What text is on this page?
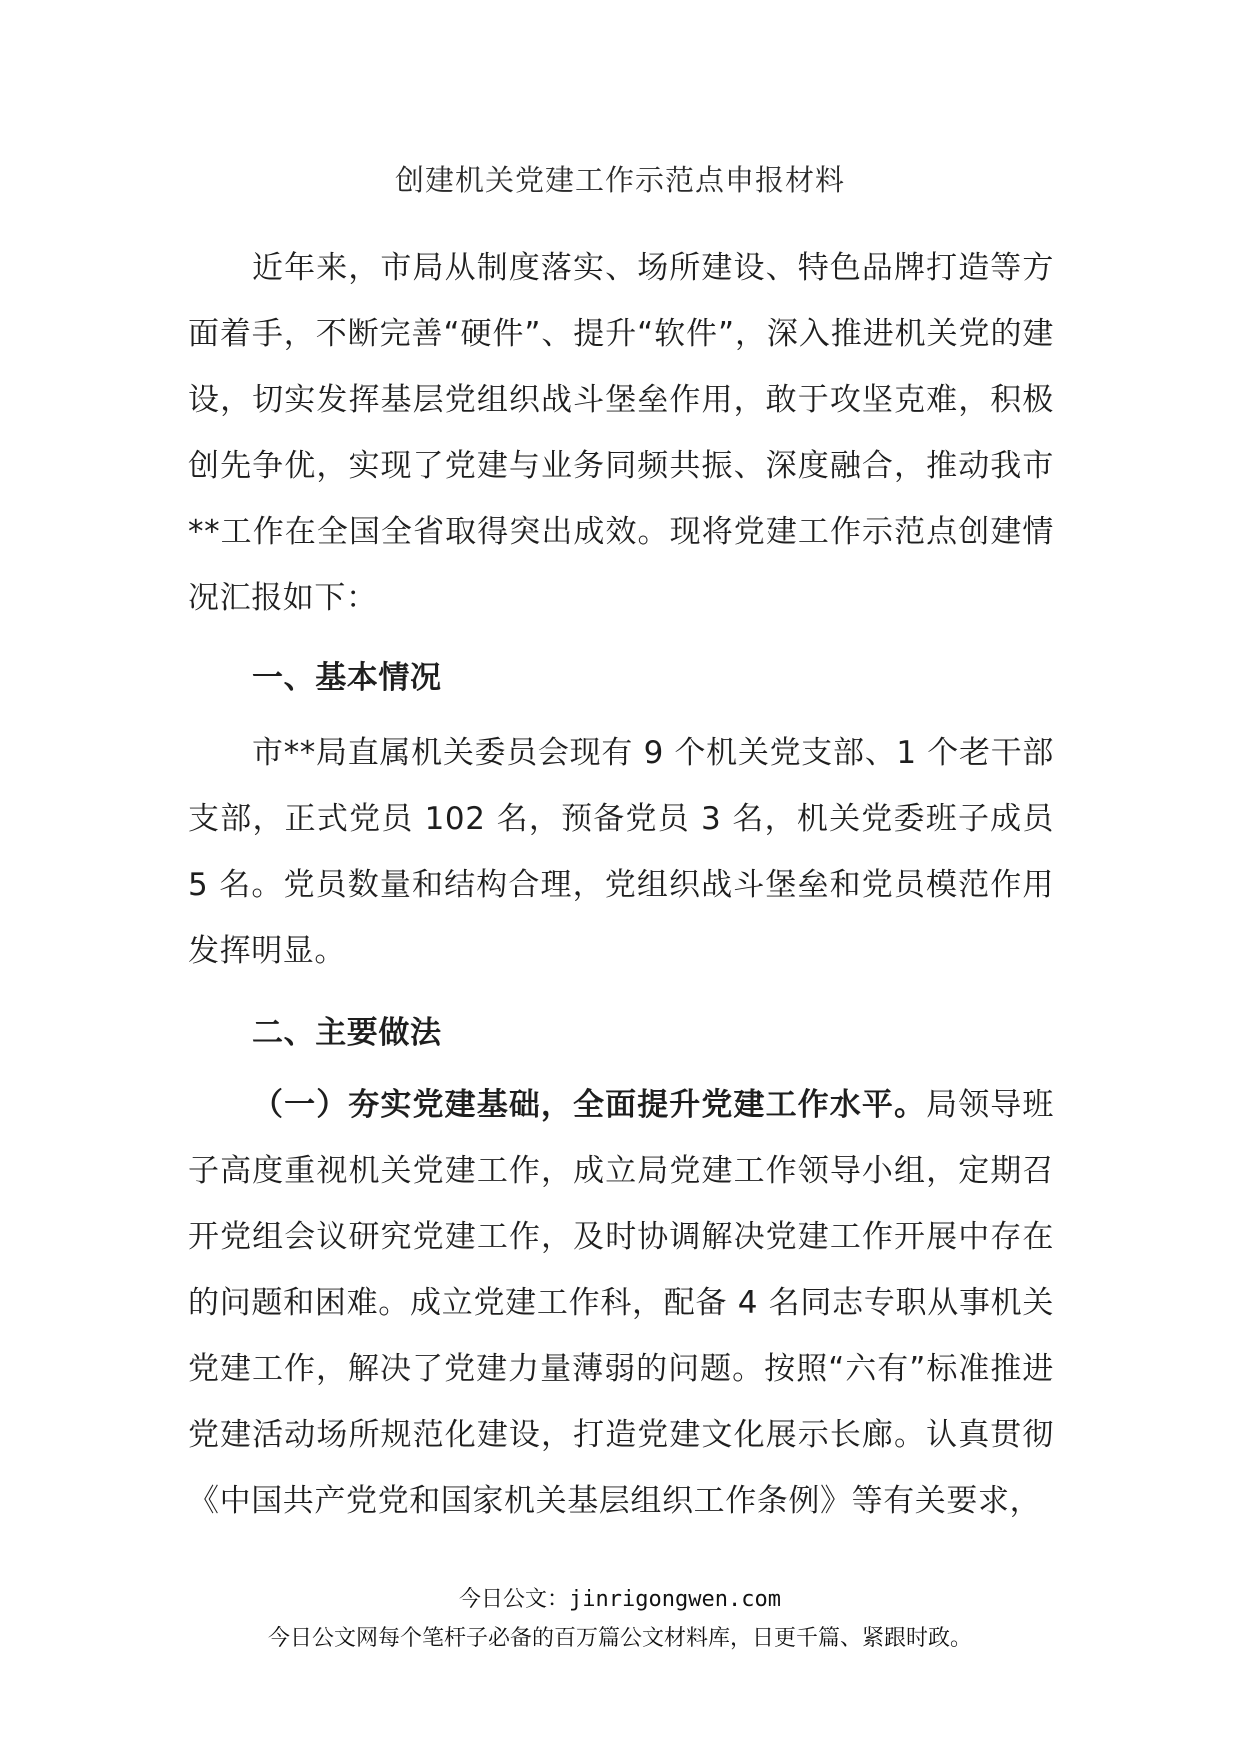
创建机关党建工作示范点申报材料
近年来，市局从制度落实、场所建设、特色品牌打造等方面着手，不断完善“硬件”、提升“软件”，深入推进机关党的建设，切实发挥基层党组织战斗堡垒作用，敢于攻坚克难，积极创先争优，实现了党建与业务同频共振、深度融合，推动我市**工作在全国全省取得突出成效。现将党建工作示范点创建情况汇报如下：
一、基本情况
市**局直属机关委员会现有 9 个机关党支部、1 个老干部支部，正式党员 102 名，预备党员 3 名，机关党委班子成员 5 名。党员数量和结构合理，党组织战斗堡垒和党员模范作用发挥明显。
二、主要做法
（一）夯实党建基础，全面提升党建工作水平。局领导班子高度重视机关党建工作，成立局党建工作领导小组，定期召开党组会议研究党建工作，及时协调解决党建工作开展中存在的问题和困难。成立党建工作科，配备 4 名同志专职从事机关党建工作，解决了党建力量薄弱的问题。按照“六有”标准推进党建活动场所规范化建设，打造党建文化展示长廊。认真贯彻《中国共产党党和国家机关基层组织工作条例》等有关要求，
今日公文：jinrigongwen.com
今日公文网每个笔杆子必备的百万篇公文材料库，日更千篇、紧跟时政。
